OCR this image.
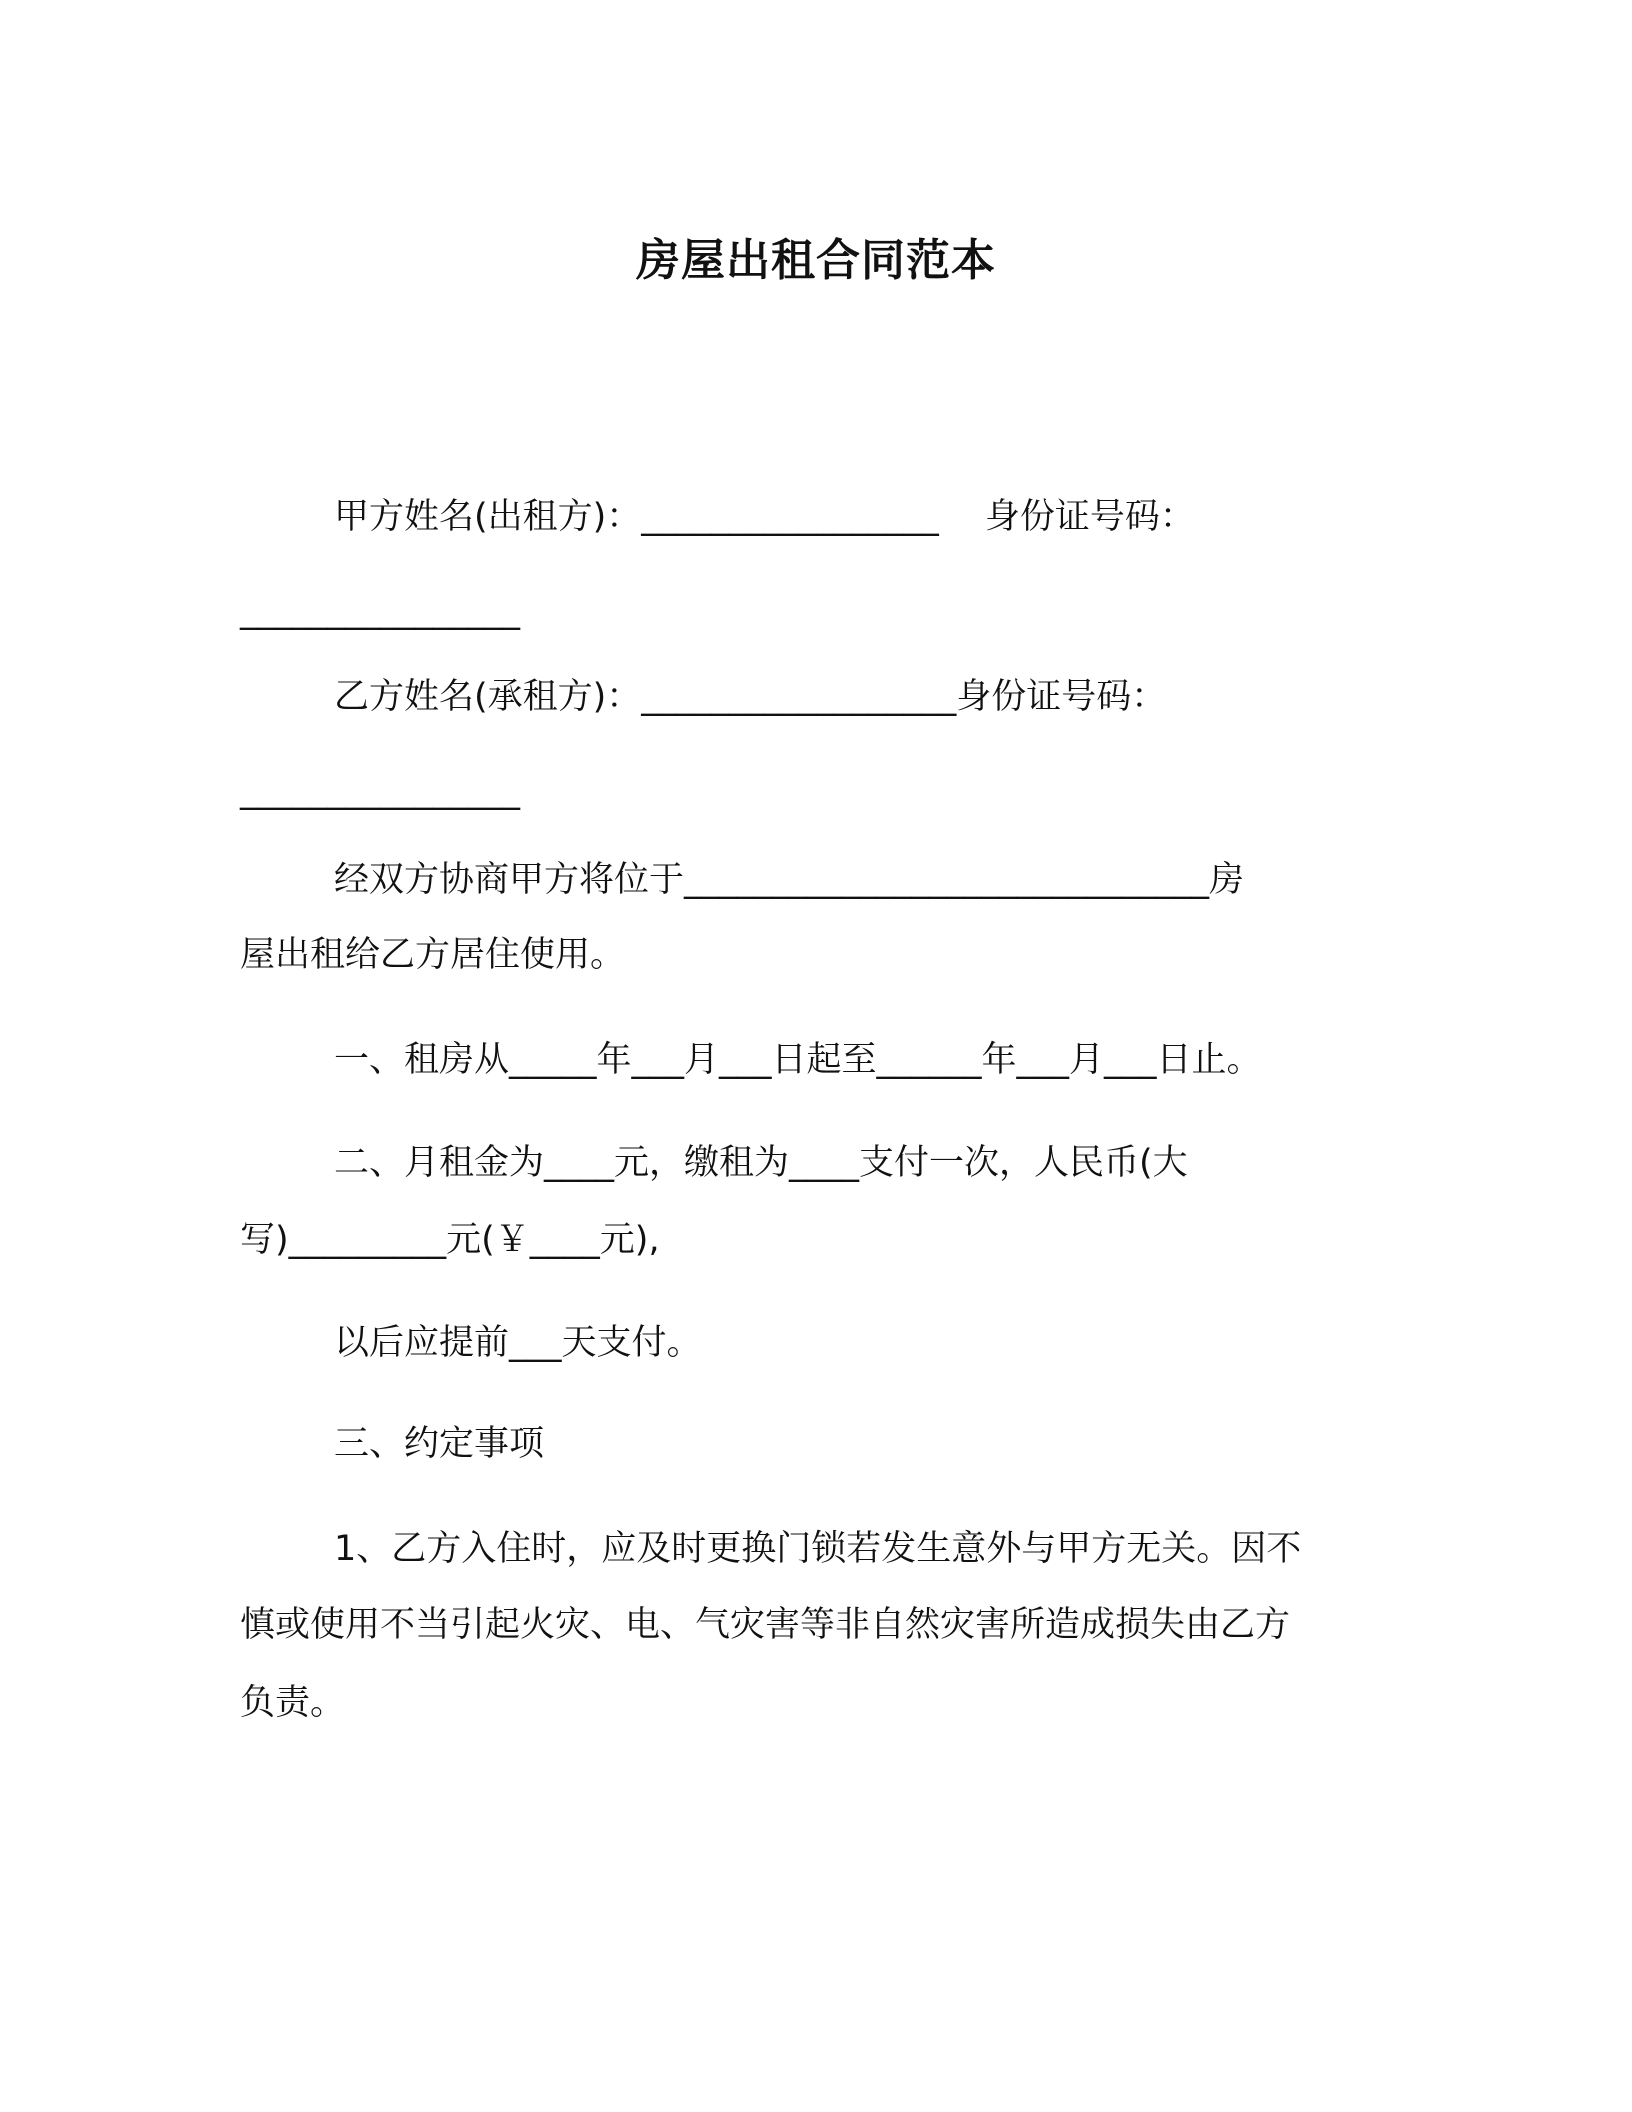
房屋出租合同范本
甲方姓名(出租方)：_________________　 身份证号码：
________________
乙方姓名(承租方)：__________________身份证号码：
________________
经双方协商甲方将位于______________________________房
屋出租给乙方居住使用。
一、租房从_____年___月___日起至______年___月___日止。
二、月租金为____元，缴租为____支付一次，人民币(大
写)_________元(￥____元),
以后应提前___天支付。
三、约定事项
1、乙方入住时，应及时更换门锁若发生意外与甲方无关。因不
慎或使用不当引起火灾、电、气灾害等非自然灾害所造成损失由乙方
负责。
